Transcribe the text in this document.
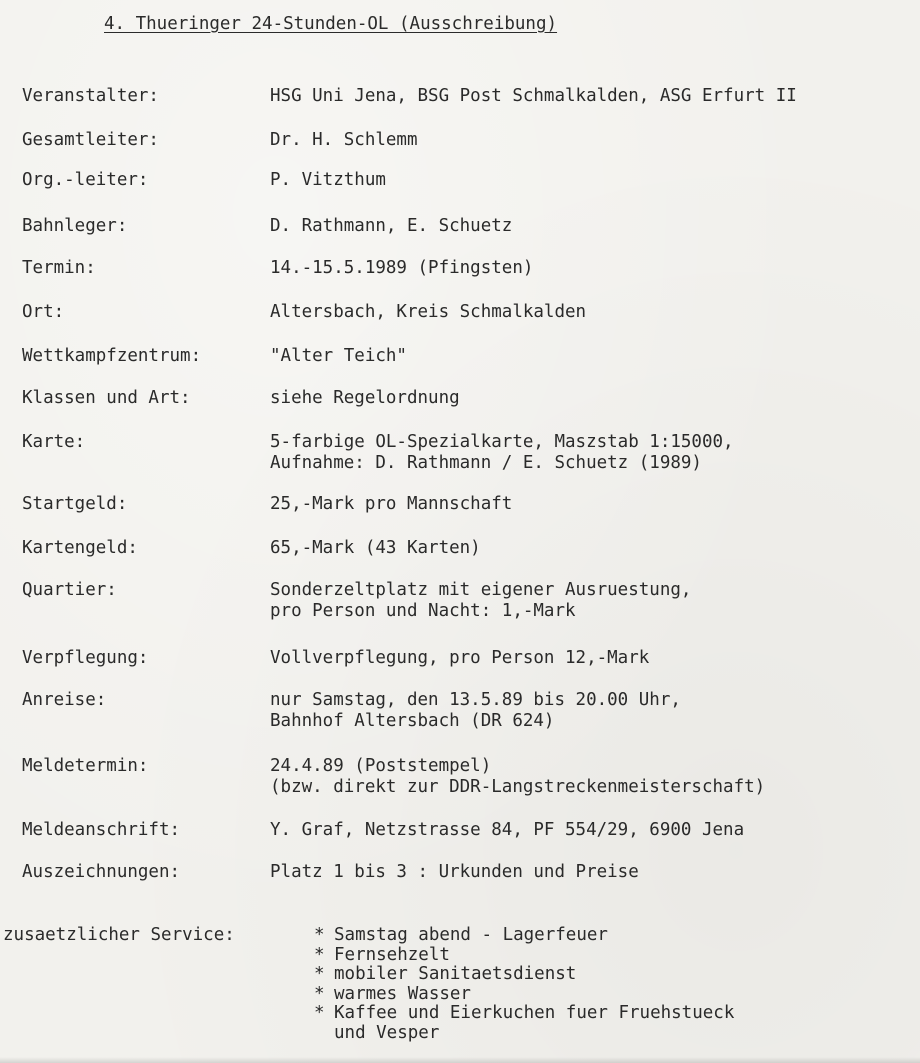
4. Thueringer 24-Stunden-OL (Ausschreibung)
Veranstalter:	HSG Uni Jena, BSG Post Schmalkalden, ASG Erfurt II
Gesamtleiter:	Dr. H. Schlemm
Org.-leiter:	P. Vitzthum
Bahnleger:	D. Rathmann, E. Schuetz
Termin:	14.-15.5.1989 (Pfingsten)
Ort:	Altersbach, Kreis Schmalkalden
Wettkampfzentrum:	"Alter Teich"
Klassen und Art:	siehe Regelordnung
Karte:	5-farbige OL-Spezialkarte, Maszstab 1:15000,
Aufnahme: D. Rathmann / E. Schuetz (1989)
Startgeld:	25,-Mark pro Mannschaft
Kartengeld:	65,-Mark (43 Karten)
Quartier:	Sonderzeltplatz mit eigener Ausruestung,
pro Person und Nacht: 1,-Mark
Verpflegung:	Vollverpflegung, pro Person 12,-Mark
Anreise:	nur Samstag, den 13.5.89 bis 20.00 Uhr,
Bahnhof Altersbach (DR 624)
Meldetermin:	24.4.89 (Poststempel)
(bzw. direkt zur DDR-Langstreckenmeisterschaft)
Meldeanschrift:	Y. Graf, Netzstrasse 84, PF 554/29, 6900 Jena
Auszeichnungen:	Platz 1 bis 3 : Urkunden und Preise

zusaetzlicher Service:

	* Samstag abend - Lagerfeuer
* Fernsehzelt
* mobiler Sanitaetsdienst
* warmes Wasser
* Kaffee und Eierkuchen fuer Fruehstueck
und Vesper
